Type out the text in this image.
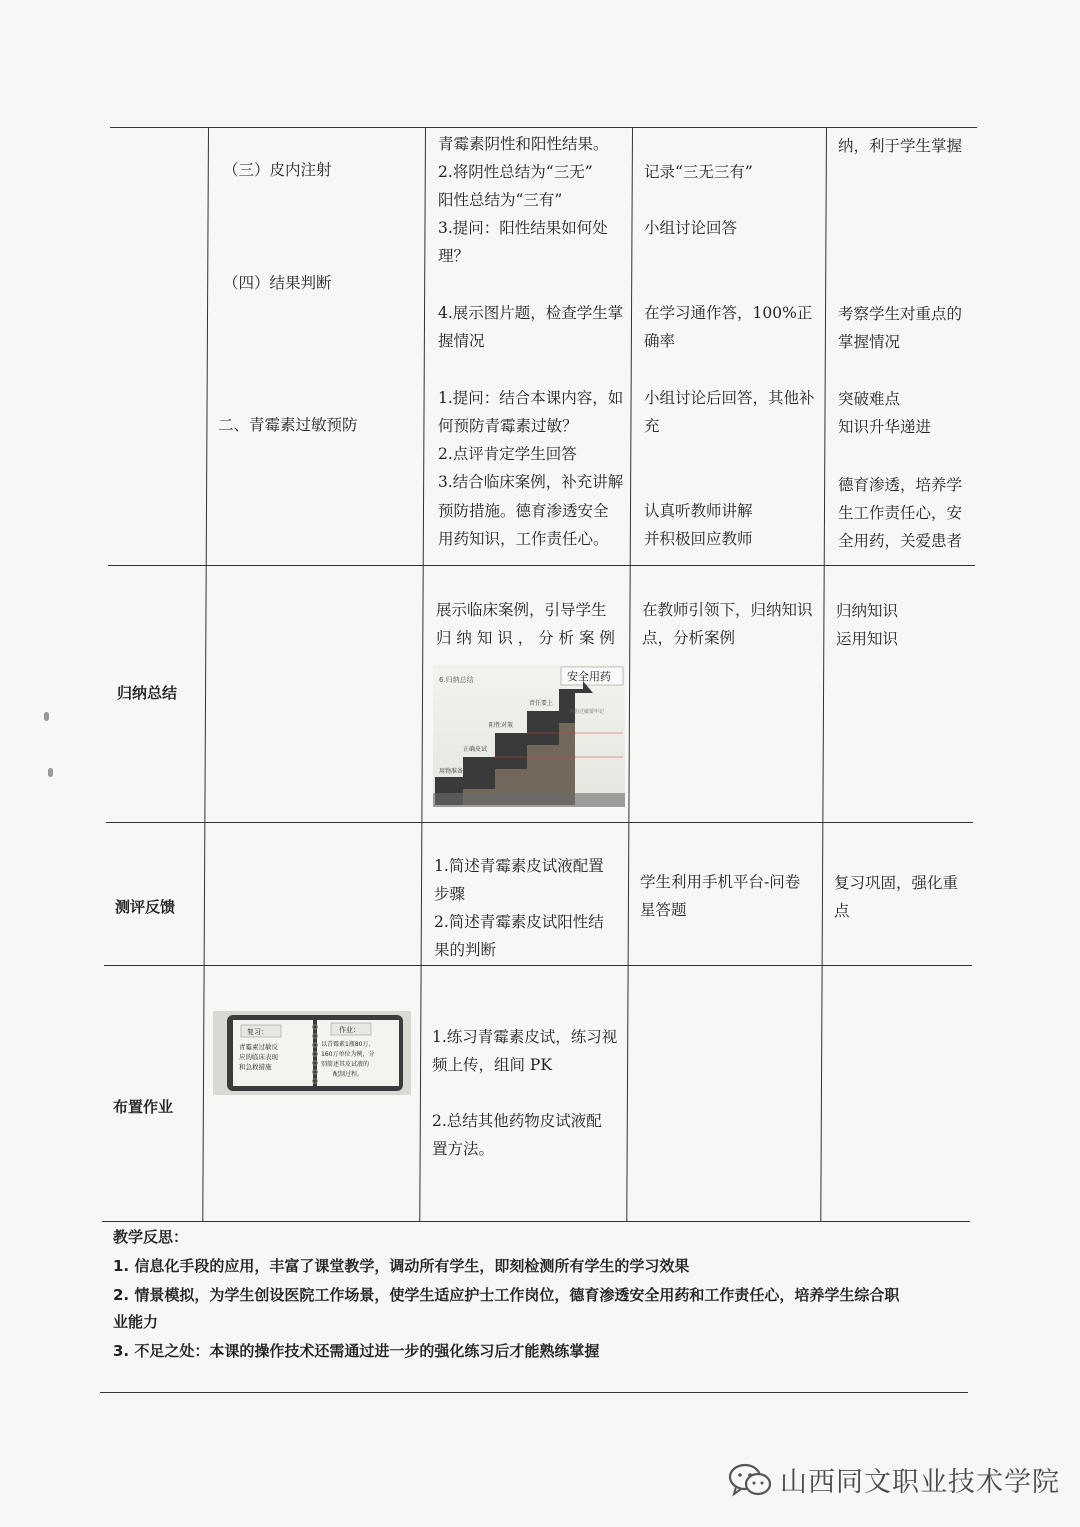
（三）皮内注射
（四）结果判断
二、青霉素过敏预防
青霉素阴性和阳性结果。
2.将阴性总结为“三无”
阳性总结为“三有”
3.提问：阳性结果如何处
理？
4.展示图片题，检查学生掌
握情况
1.提问：结合本课内容，如
何预防青霉素过敏？
2.点评肯定学生回答
3.结合临床案例，补充讲解
预防措施。德育渗透安全
用药知识，工作责任心。
记录“三无三有”
小组讨论回答
在学习通作答，100%正
确率
小组讨论后回答，其他补
充
认真听教师讲解
并积极回应教师
纳，利于学生掌握
考察学生对重点的
掌握情况
突破难点
知识升华递进
德育渗透，培养学
生工作责任心，安
全用药，关爱患者
归纳总结
展示临床案例，引导学生
归 纳 知 识 ， 分 析 案 例
在教师引领下，归纳知识
点，分析案例
归纳知识
运用知识
6.归纳总结	安全用药
用物准备
正确皮试
阳性对策
责任要上
预防过敏要牢记
测评反馈
1.简述青霉素皮试液配置
步骤
2.简述青霉素皮试阳性结
果的判断
学生利用手机平台-问卷
星答题
复习巩固，强化重
点
布置作业
1.练习青霉素皮试，练习视
频上传，组间 PK
2.总结其他药物皮试液配
置方法。
复习：
青霉素过敏反
应的临床表现
和急救措施
作业：
以青霉素1瓶80万、
160万单位为例，分
别简述其皮试液的
配制过程。
教学反思：
1. 信息化手段的应用，丰富了课堂教学，调动所有学生，即刻检测所有学生的学习效果
2. 情景模拟，为学生创设医院工作场景，使学生适应护士工作岗位，德育渗透安全用药和工作责任心，培养学生综合职
业能力
3. 不足之处：本课的操作技术还需通过进一步的强化练习后才能熟练掌握
山西同文职业技术学院
